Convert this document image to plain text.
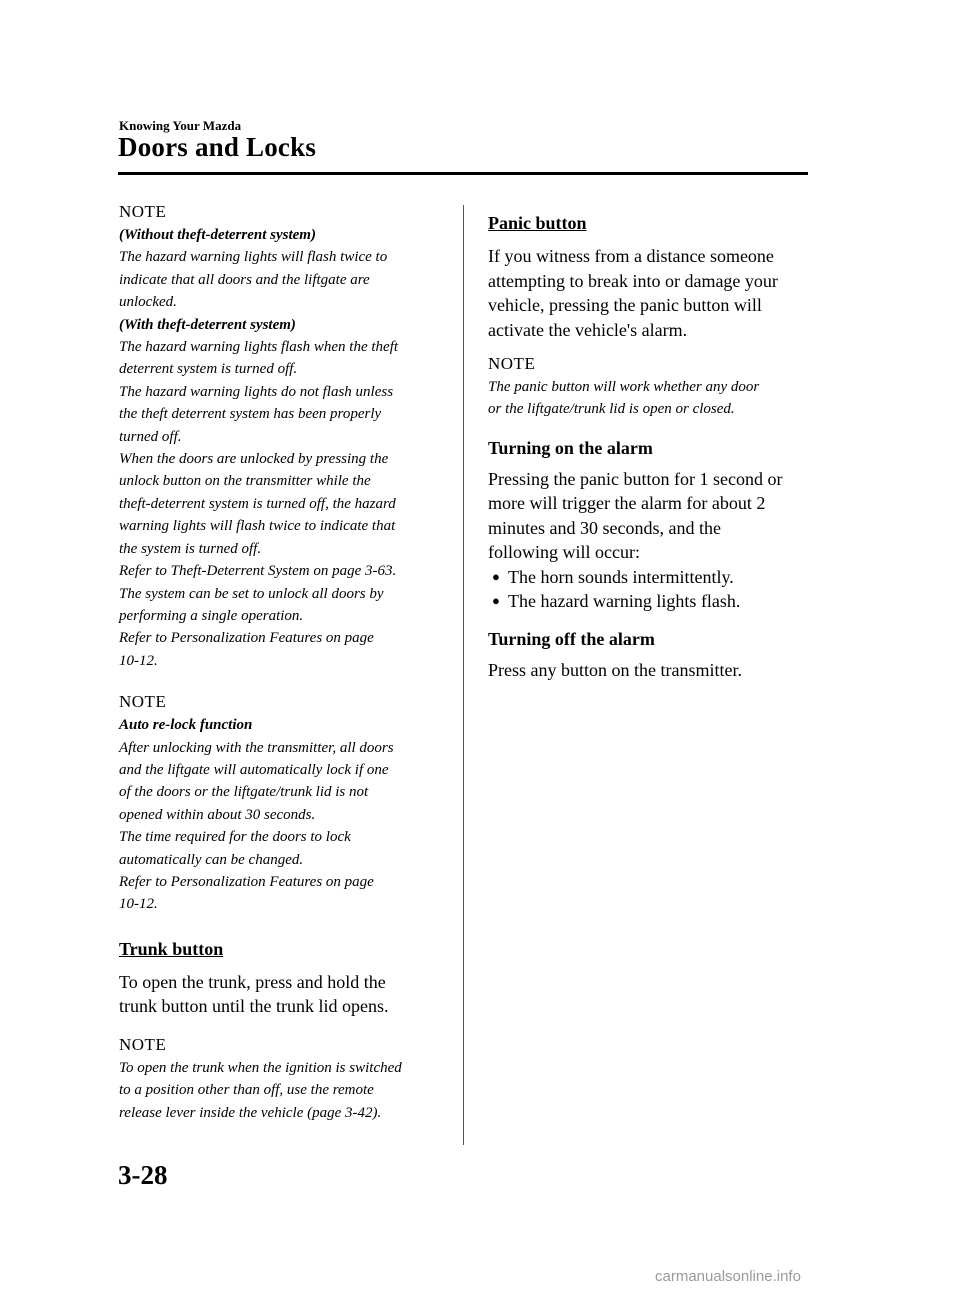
Knowing Your Mazda
Doors and Locks

NOTE

(Without theft-deterrent system)
The hazard warning lights will flash twice to
indicate that all doors and the liftgate are
unlocked.
(With theft-deterrent system)
The hazard warning lights flash when the theft
deterrent system is turned off.
The hazard warning lights do not flash unless
the theft deterrent system has been properly
turned off.
When the doors are unlocked by pressing the
unlock button on the transmitter while the
theft-deterrent system is turned off, the hazard
warning lights will flash twice to indicate that
the system is turned off.
Refer to Theft-Deterrent System on page 3-63.
The system can be set to unlock all doors by
performing a single operation.
Refer to Personalization Features on page
10-12.

NOTE

Auto re-lock function
After unlocking with the transmitter, all doors
and the liftgate will automatically lock if one
of the doors or the liftgate/trunk lid is not
opened within about 30 seconds.
The time required for the doors to lock
automatically can be changed.
Refer to Personalization Features on page
10-12.

Trunk button

To open the trunk, press and hold the
trunk button until the trunk lid opens.

NOTE

To open the trunk when the ignition is switched
to a position other than off, use the remote
release lever inside the vehicle (page 3-42).

Panic button

If you witness from a distance someone
attempting to break into or damage your
vehicle, pressing the panic button will
activate the vehicle's alarm.

NOTE

The panic button will work whether any door
or the liftgate/trunk lid is open or closed.

Turning on the alarm

Pressing the panic button for 1 second or
more will trigger the alarm for about 2
minutes and 30 seconds, and the
following will occur:

● The horn sounds intermittently.
● The hazard warning lights flash.

Turning off the alarm

Press any button on the transmitter.

3-28
carmanualsonline.info
